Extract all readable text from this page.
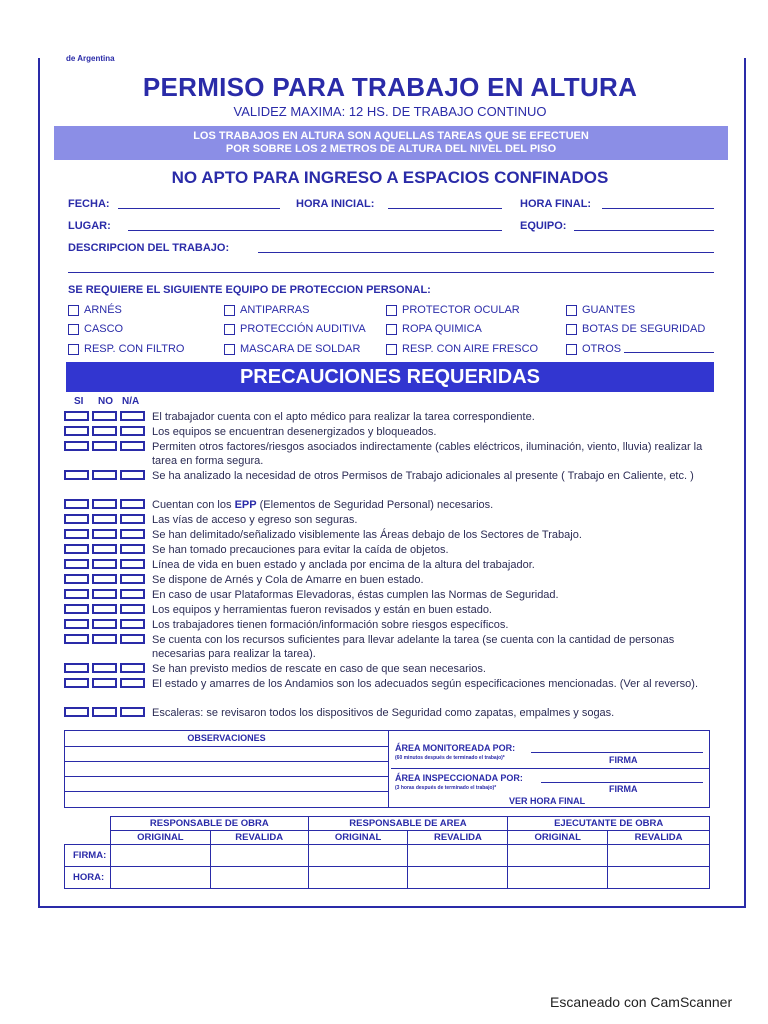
de Argentina
PERMISO PARA TRABAJO EN ALTURA
VALIDEZ MAXIMA: 12 HS. DE TRABAJO CONTINUO
LOS TRABAJOS EN ALTURA SON AQUELLAS TAREAS QUE SE EFECTUEN
POR SOBRE LOS 2 METROS DE ALTURA DEL NIVEL DEL PISO
NO APTO PARA INGRESO A ESPACIOS CONFINADOS
FECHA:	HORA INICIAL:	HORA FINAL:
LUGAR:	EQUIPO:
DESCRIPCION DEL TRABAJO:
SE REQUIERE EL SIGUIENTE EQUIPO DE PROTECCION PERSONAL:
ARNÉS	ANTIPARRAS	PROTECTOR OCULAR	GUANTES
CASCO	PROTECCIÓN AUDITIVA	ROPA QUIMICA	BOTAS DE SEGURIDAD
RESP. CON FILTRO	MASCARA DE SOLDAR	RESP. CON AIRE FRESCO	OTROS
PRECAUCIONES REQUERIDAS
SI NO N/A
El trabajador cuenta con el apto médico para realizar la tarea correspondiente.
Los equipos se encuentran desenergizados y bloqueados.
Permiten otros factores/riesgos asociados indirectamente (cables eléctricos, iluminación, viento, lluvia) realizar la tarea en forma segura.
Se ha analizado la necesidad de otros Permisos de Trabajo adicionales al presente ( Trabajo en Caliente, etc. )
Cuentan con los EPP (Elementos de Seguridad Personal) necesarios.
Las vías de acceso y egreso son seguras.
Se han delimitado/señalizado visiblemente las Áreas debajo de los Sectores de Trabajo.
Se han tomado precauciones para evitar la caída de objetos.
Línea de vida en buen estado y anclada por encima de la altura del trabajador.
Se dispone de Arnés y Cola de Amarre en buen estado.
En caso de usar Plataformas Elevadoras, éstas cumplen las Normas de Seguridad.
Los equipos y herramientas fueron revisados y están en buen estado.
Los trabajadores tienen formación/información sobre riesgos específicos.
Se cuenta con los recursos suficientes para llevar adelante la tarea (se cuenta con la cantidad de personas necesarias para realizar la tarea).
Se han previsto medios de rescate en caso de que sean necesarios.
El estado y amarres de los Andamios son los adecuados según especificaciones mencionadas. (Ver al reverso).
Escaleras: se revisaron todos los dispositivos de Seguridad como zapatas, empalmes y sogas.
OBSERVACIONES
ÁREA MONITOREADA POR:
(60 minutos después de terminado el trabajo)*	FIRMA
ÁREA INSPECCIONADA POR:
(3 horas después de terminado el trabajo)*	FIRMA
VER HORA FINAL
	RESPONSABLE DE OBRA		RESPONSABLE DE AREA		EJECUTANTE DE OBRA	
	ORIGINAL	REVALIDA	ORIGINAL	REVALIDA	ORIGINAL	REVALIDA
FIRMA:						
HORA:						
Escaneado con CamScanner
